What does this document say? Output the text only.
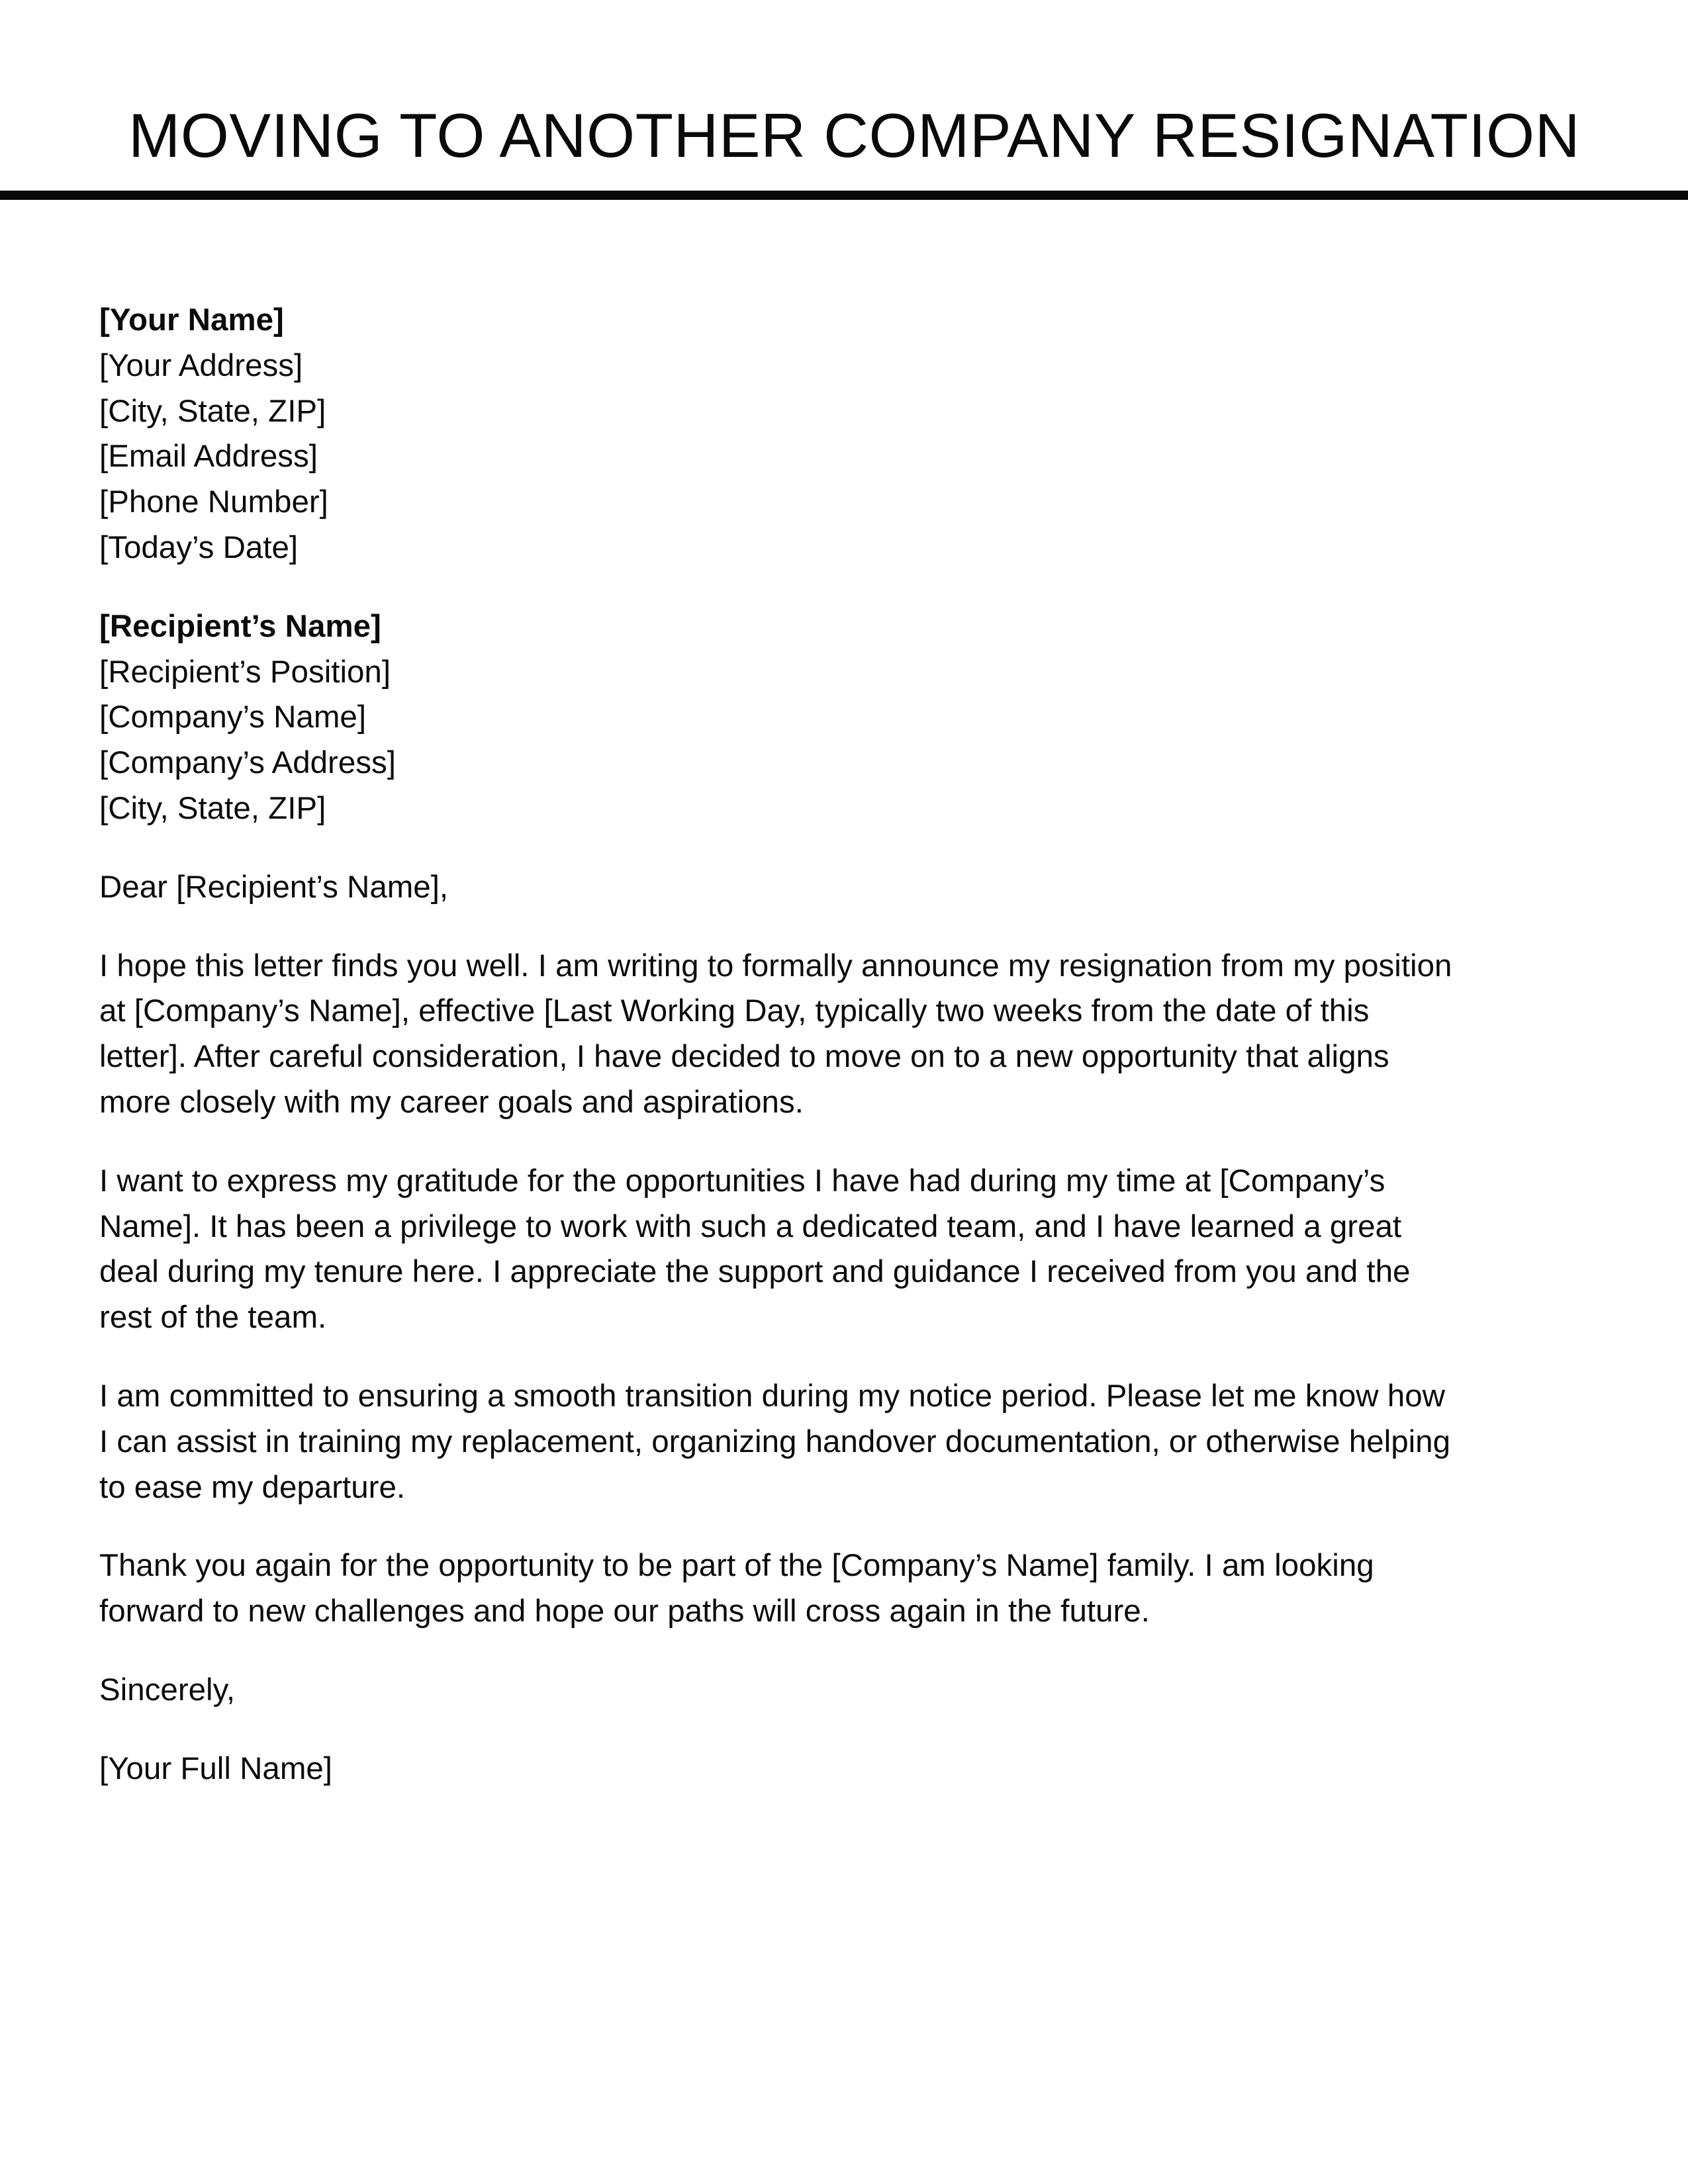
MOVING TO ANOTHER COMPANY RESIGNATION
[Your Name]
[Your Address]
[City, State, ZIP]
[Email Address]
[Phone Number]
[Today’s Date]
[Recipient’s Name]
[Recipient’s Position]
[Company’s Name]
[Company’s Address]
[City, State, ZIP]
Dear [Recipient’s Name],
I hope this letter finds you well. I am writing to formally announce my resignation from my position
at [Company’s Name], effective [Last Working Day, typically two weeks from the date of this
letter]. After careful consideration, I have decided to move on to a new opportunity that aligns
more closely with my career goals and aspirations.
I want to express my gratitude for the opportunities I have had during my time at [Company’s
Name]. It has been a privilege to work with such a dedicated team, and I have learned a great
deal during my tenure here. I appreciate the support and guidance I received from you and the
rest of the team.
I am committed to ensuring a smooth transition during my notice period. Please let me know how
I can assist in training my replacement, organizing handover documentation, or otherwise helping
to ease my departure.
Thank you again for the opportunity to be part of the [Company’s Name] family. I am looking
forward to new challenges and hope our paths will cross again in the future.
Sincerely,
[Your Full Name]
